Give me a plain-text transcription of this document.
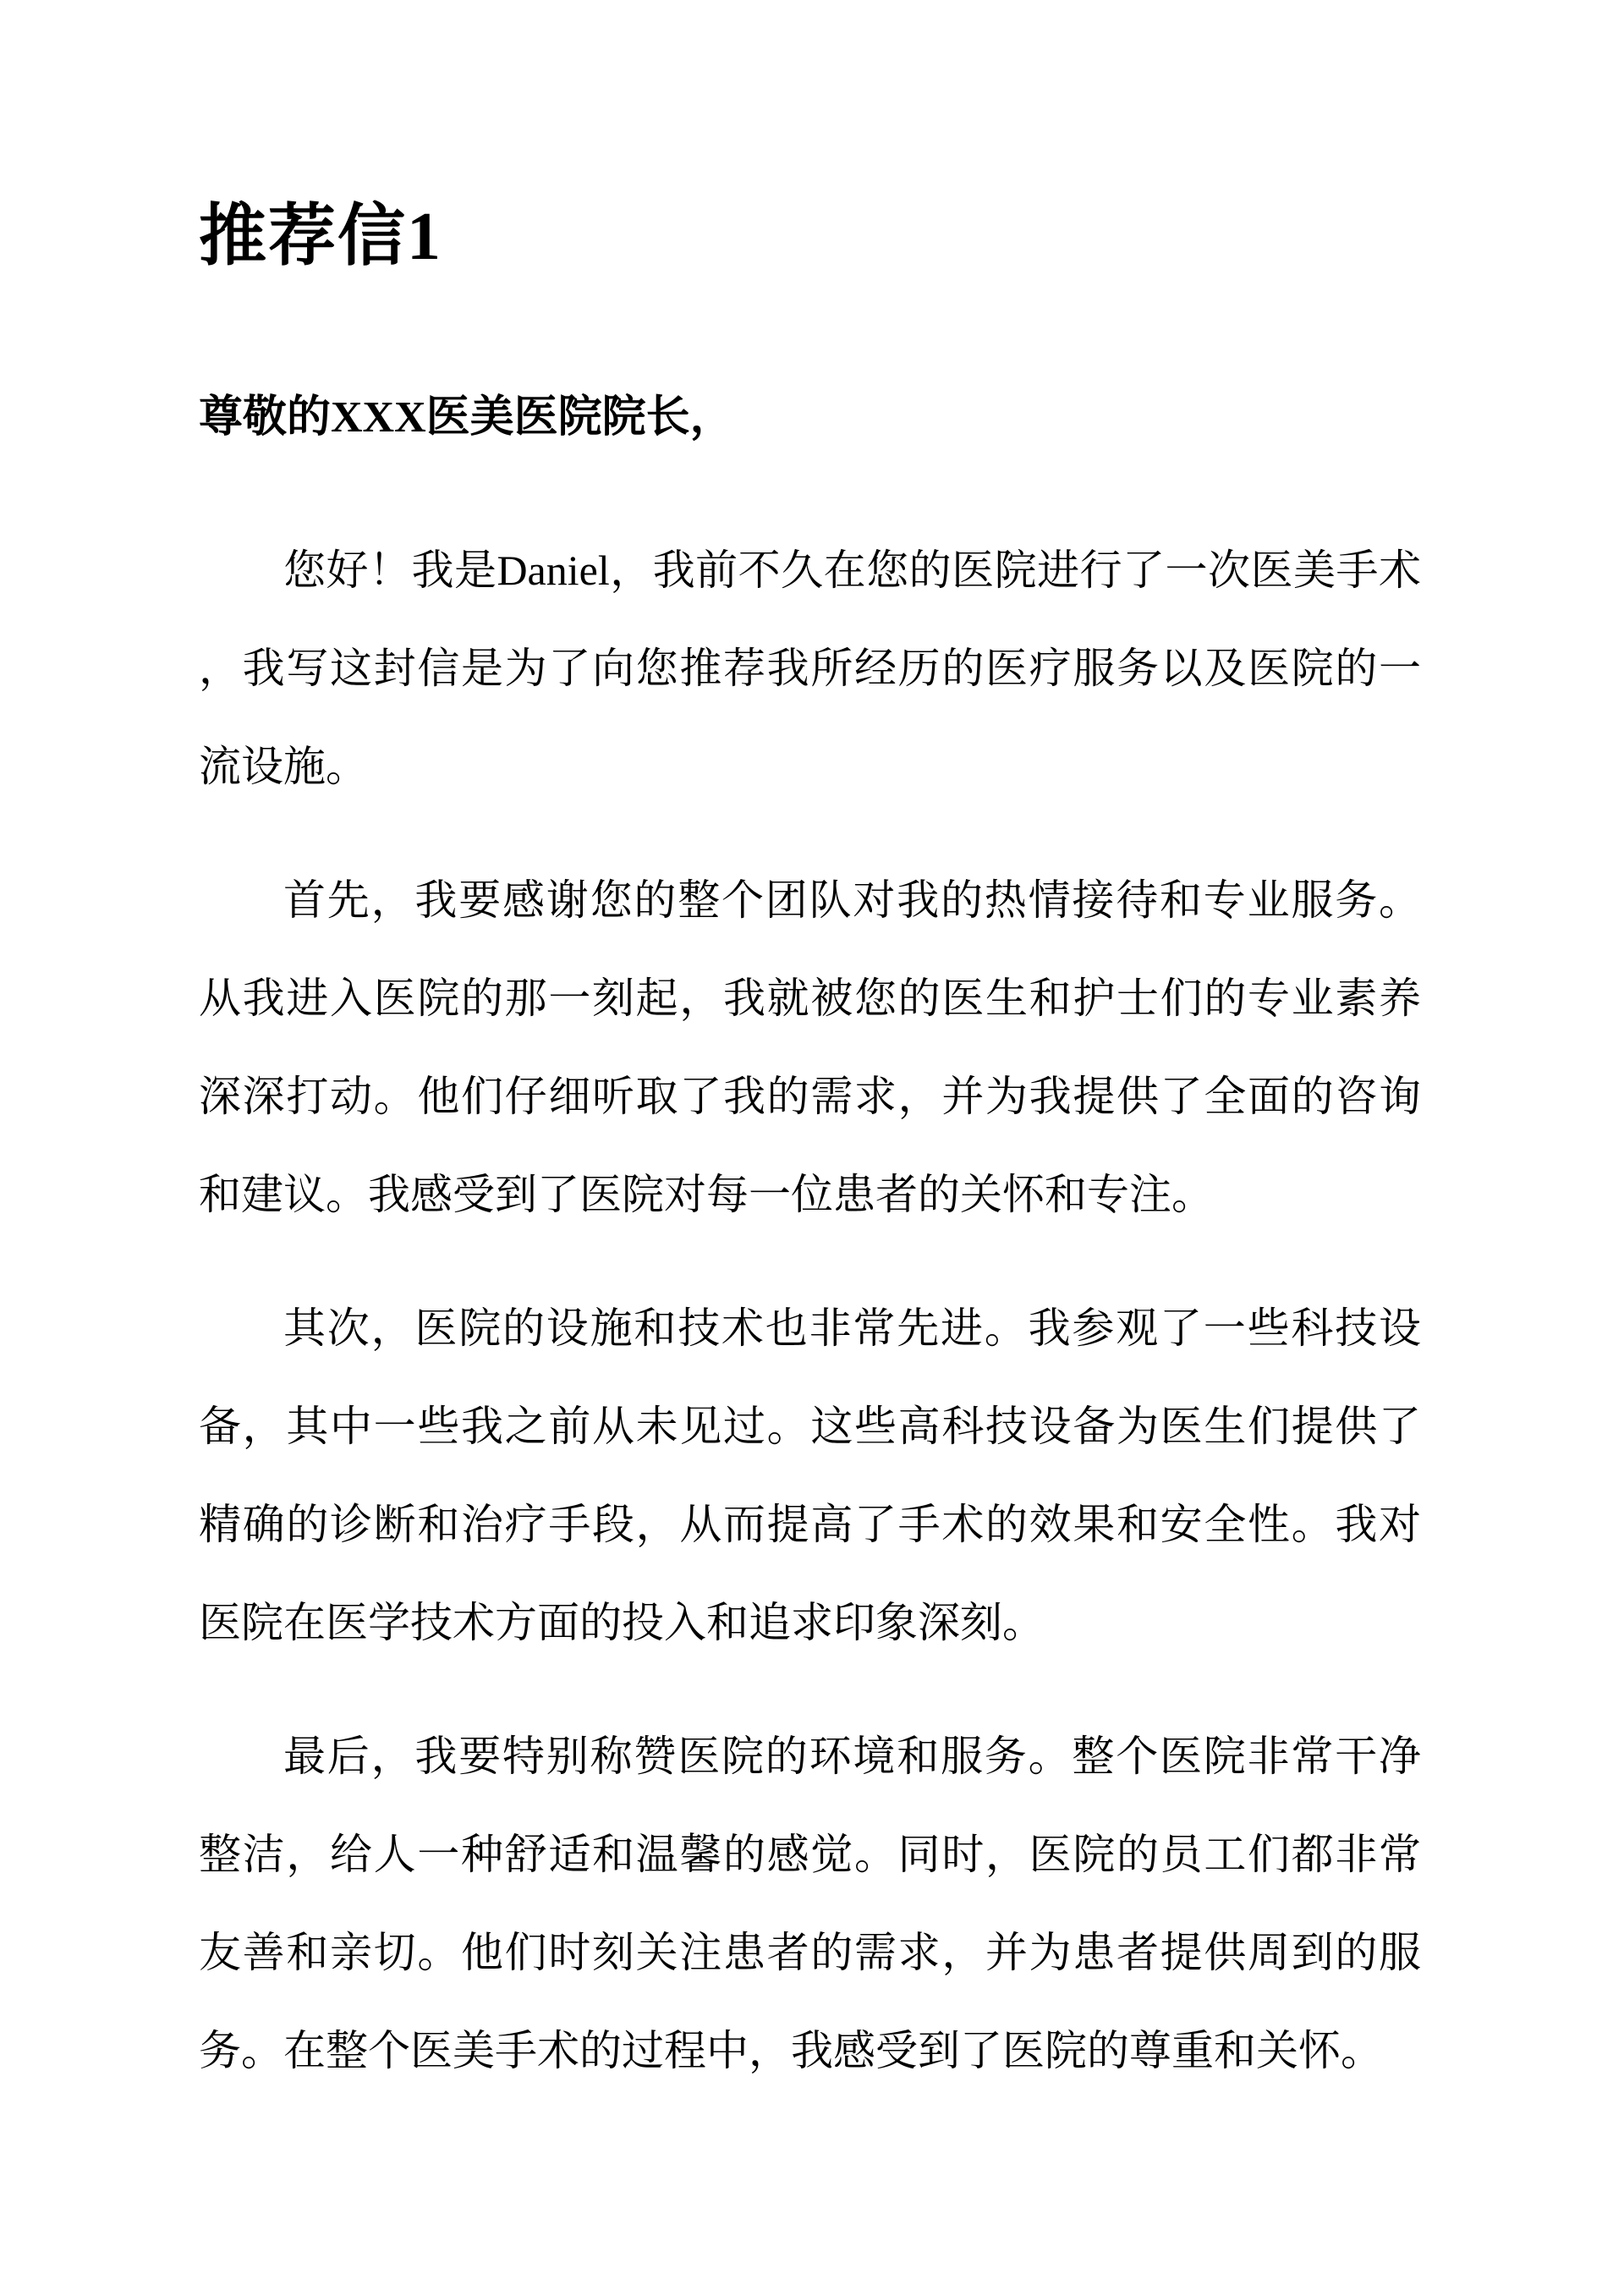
推荐信1
尊敬的XXX医美医院院长，

您好！我是Daniel，我前不久在您的医院进行了一次医美手术，我写这封信是为了向您推荐我所经历的医疗服务以及医院的一流设施。

首先，我要感谢您的整个团队对我的热情接待和专业服务。从我进入医院的那一刻起，我就被您的医生和护士们的专业素养深深打动。他们仔细听取了我的需求，并为我提供了全面的咨询和建议。我感受到了医院对每一位患者的关怀和专注。

其次，医院的设施和技术也非常先进。我参观了一些科技设备，其中一些我之前从未见过。这些高科技设备为医生们提供了精确的诊断和治疗手段，从而提高了手术的效果和安全性。我对医院在医学技术方面的投入和追求印象深刻。

最后，我要特别称赞医院的环境和服务。整个医院非常干净整洁，给人一种舒适和温馨的感觉。同时，医院的员工们都非常友善和亲切。他们时刻关注患者的需求，并为患者提供周到的服务。在整个医美手术的过程中，我感受到了医院的尊重和关怀。
